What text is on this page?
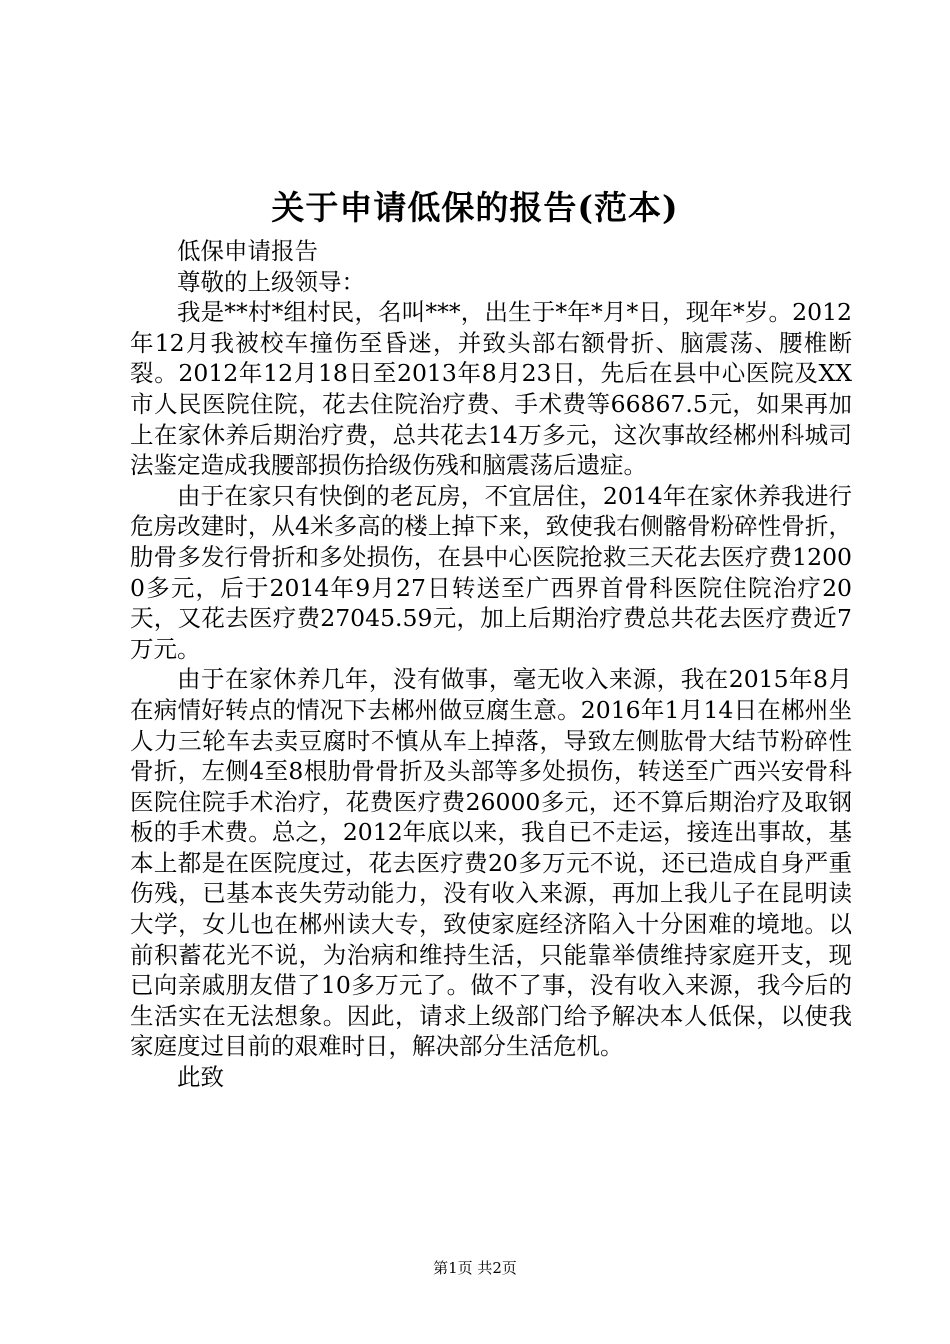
关于申请低保的报告(范本)

低保申请报告

尊敬的上级领导：

我是**村*组村民，名叫***，出生于*年*月*日，现年*岁。2012年12月我被校车撞伤至昏迷，并致头部右额骨折、脑震荡、腰椎断裂。2012年12月18日至2013年8月23日，先后在县中心医院及XX市人民医院住院，花去住院治疗费、手术费等66867.5元，如果再加上在家休养后期治疗费，总共花去14万多元，这次事故经郴州科城司法鉴定造成我腰部损伤拾级伤残和脑震荡后遗症。

由于在家只有快倒的老瓦房，不宜居住，2014年在家休养我进行危房改建时，从4米多高的楼上掉下来，致使我右侧髂骨粉碎性骨折，肋骨多发行骨折和多处损伤，在县中心医院抢救三天花去医疗费12000多元，后于2014年9月27日转送至广西界首骨科医院住院治疗20天，又花去医疗费27045.59元，加上后期治疗费总共花去医疗费近7万元。

由于在家休养几年，没有做事，毫无收入来源，我在2015年8月在病情好转点的情况下去郴州做豆腐生意。2016年1月14日在郴州坐人力三轮车去卖豆腐时不慎从车上掉落，导致左侧肱骨大结节粉碎性骨折，左侧4至8根肋骨骨折及头部等多处损伤，转送至广西兴安骨科医院住院手术治疗，花费医疗费26000多元，还不算后期治疗及取钢板的手术费。总之，2012年底以来，我自已不走运，接连出事故，基本上都是在医院度过，花去医疗费20多万元不说，还已造成自身严重伤残，已基本丧失劳动能力，没有收入来源，再加上我儿子在昆明读大学，女儿也在郴州读大专，致使家庭经济陷入十分困难的境地。以前积蓄花光不说，为治病和维持生活，只能靠举债维持家庭开支，现已向亲戚朋友借了10多万元了。做不了事，没有收入来源，我今后的生活实在无法想象。因此，请求上级部门给予解决本人低保，以使我家庭度过目前的艰难时日，解决部分生活危机。

此致

第1页 共2页
